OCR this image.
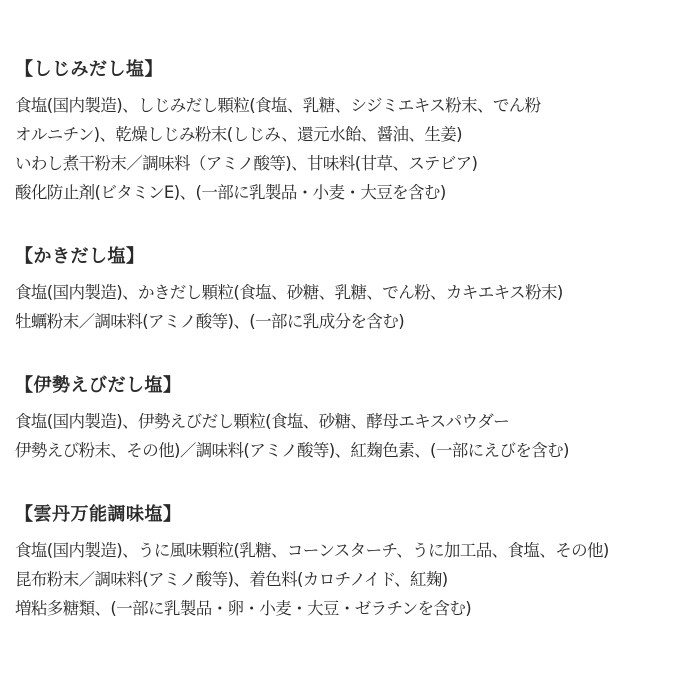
【しじみだし塩】
食塩(国内製造)、しじみだし顆粒(食塩、乳糖、シジミエキス粉末、でん粉
オルニチン)、乾燥しじみ粉末(しじみ、還元水飴、醤油、生姜)
いわし煮干粉末／調味料（アミノ酸等)、甘味料(甘草、ステビア)
酸化防止剤(ビタミンE)、(一部に乳製品・小麦・大豆を含む)
【かきだし塩】
食塩(国内製造)、かきだし顆粒(食塩、砂糖、乳糖、でん粉、カキエキス粉末)
牡蠣粉末／調味料(アミノ酸等)、(一部に乳成分を含む)
【伊勢えびだし塩】
食塩(国内製造)、伊勢えびだし顆粒(食塩、砂糖、酵母エキスパウダー
伊勢えび粉末、その他)／調味料(アミノ酸等)、紅麹色素、(一部にえびを含む)
【雲丹万能調味塩】
食塩(国内製造)、うに風味顆粒(乳糖、コーンスターチ、うに加工品、食塩、その他)
昆布粉末／調味料(アミノ酸等)、着色料(カロチノイド、紅麹)
増粘多糖類、(一部に乳製品・卵・小麦・大豆・ゼラチンを含む)
